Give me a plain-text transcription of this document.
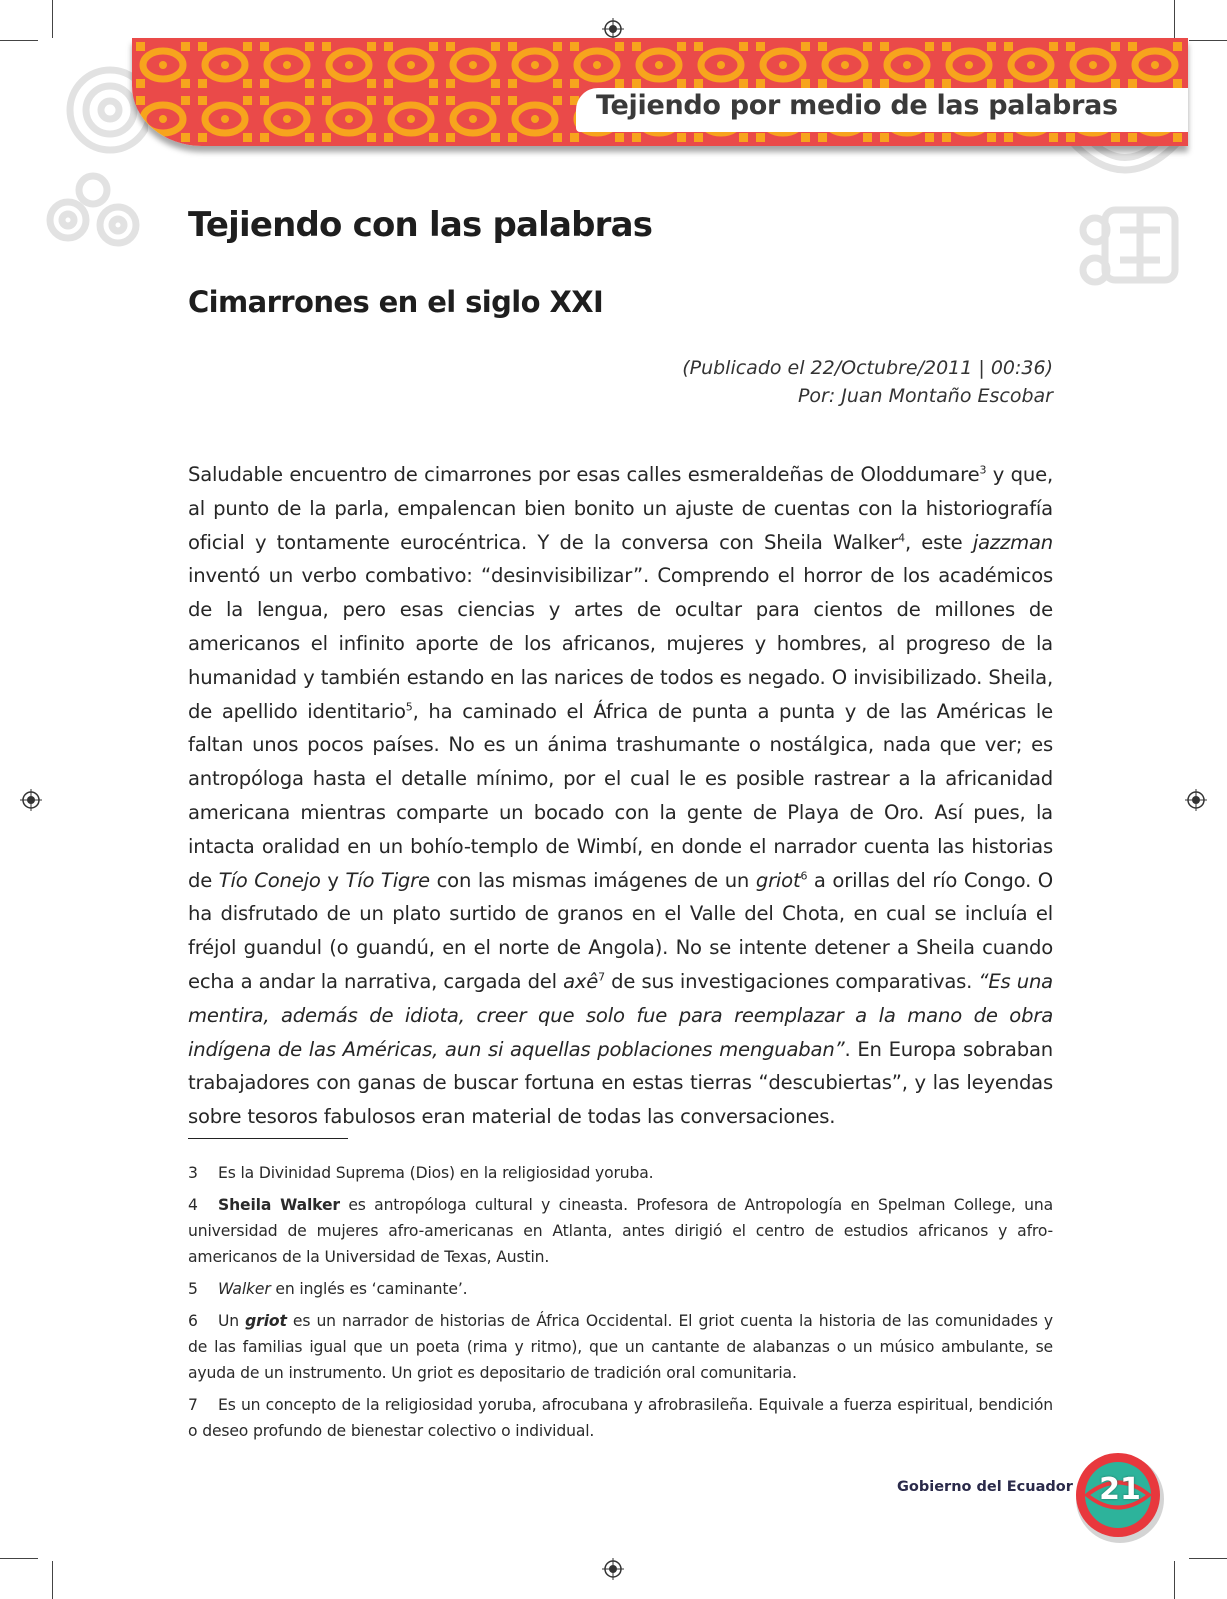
Tejiendo por medio de las palabras
Tejiendo con las palabras
Cimarrones en el siglo XXI
(Publicado el 22/Octubre/2011 | 00:36)
Por: Juan Montaño Escobar

Saludable encuentro de cimarrones por esas calles esmeraldeñas de Oloddumare$^3$ y que, al punto de la parla, empalencan bien bonito un ajuste de cuentas con la historiografía oficial y tontamente eurocéntrica. Y de la conversa con Sheila Walker$^4$, este jazzman inventó un verbo combativo: “desinvisibilizar”. Comprendo el horror de los académicos de la lengua, pero esas ciencias y artes de ocultar para cientos de millones de americanos el infinito aporte de los africanos, mujeres y hombres, al progreso de la humanidad y también estando en las narices de todos es negado. O invisibilizado. Sheila, de apellido identitario$^5$, ha caminado el África de punta a punta y de las Américas le faltan unos pocos países. No es un ánima trashumante o nostálgica, nada que ver; es antropóloga hasta el detalle mínimo, por el cual le es posible rastrear a la africanidad americana mientras comparte un bocado con la gente de Playa de Oro. Así pues, la intacta oralidad en un bohío-templo de Wimbí, en donde el narrador cuenta las historias de Tío Conejo y Tío Tigre con las mismas imágenes de un griot$^6$ a orillas del río Congo. O ha disfrutado de un plato surtido de granos en el Valle del Chota, en cual se incluía el fréjol guandul (o guandú, en el norte de Angola). No se intente detener a Sheila cuando echa a andar la narrativa, cargada del axê$^7$ de sus investigaciones comparativas. “Es una mentira, además de idiota, creer que solo fue para reemplazar a la mano de obra indígena de las Américas, aun si aquellas poblaciones menguaban”. En Europa sobraban trabajadores con ganas de buscar fortuna en estas tierras “descubiertas”, y las leyendas sobre tesoros fabulosos eran material de todas las conversaciones.

3 Es la Divinidad Suprema (Dios) en la religiosidad yoruba.

4 Sheila Walker es antropóloga cultural y cineasta. Profesora de Antropología en Spelman College, una universidad de mujeres afro-americanas en Atlanta, antes dirigió el centro de estudios africanos y afro-americanos de la Universidad de Texas, Austin.

5 Walker en inglés es ‘caminante’.

6 Un griot es un narrador de historias de África Occidental. El griot cuenta la historia de las comunidades y de las familias igual que un poeta (rima y ritmo), que un cantante de alabanzas o un músico ambulante, se ayuda de un instrumento. Un griot es depositario de tradición oral comunitaria.

7 Es un concepto de la religiosidad yoruba, afrocubana y afrobrasileña. Equivale a fuerza espiritual, bendición o deseo profundo de bienestar colectivo o individual.

Gobierno del Ecuador 21
